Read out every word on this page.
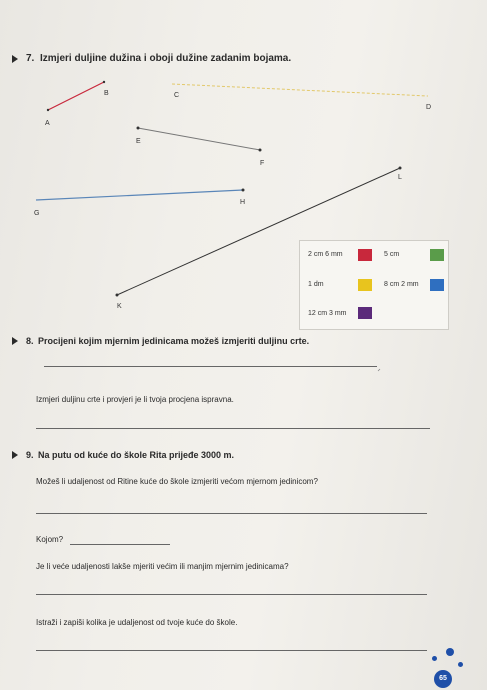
7. Izmjeri duljine dužina i oboji dužine zadanim bojama.
A
B	C
D
E
F
G
H
K
L
2 cm 6 mm	5 cm
1 dm	8 cm 2 mm
12 cm 3 mm
8. Procijeni kojim mjernim jedinicama možeš izmjeriti duljinu crte.
Izmjeri duljinu crte i provjeri je li tvoja procjena ispravna.
9. Na putu od kuće do škole Rita prijeđe 3000 m.
Možeš li udaljenost od Ritine kuće do škole izmjeriti većom mjernom jedinicom?
Kojom?
Je li veće udaljenosti lakše mjeriti većim ili manjim mjernim jedinicama?
Istraži i zapiši kolika je udaljenost od tvoje kuće do škole.
65
